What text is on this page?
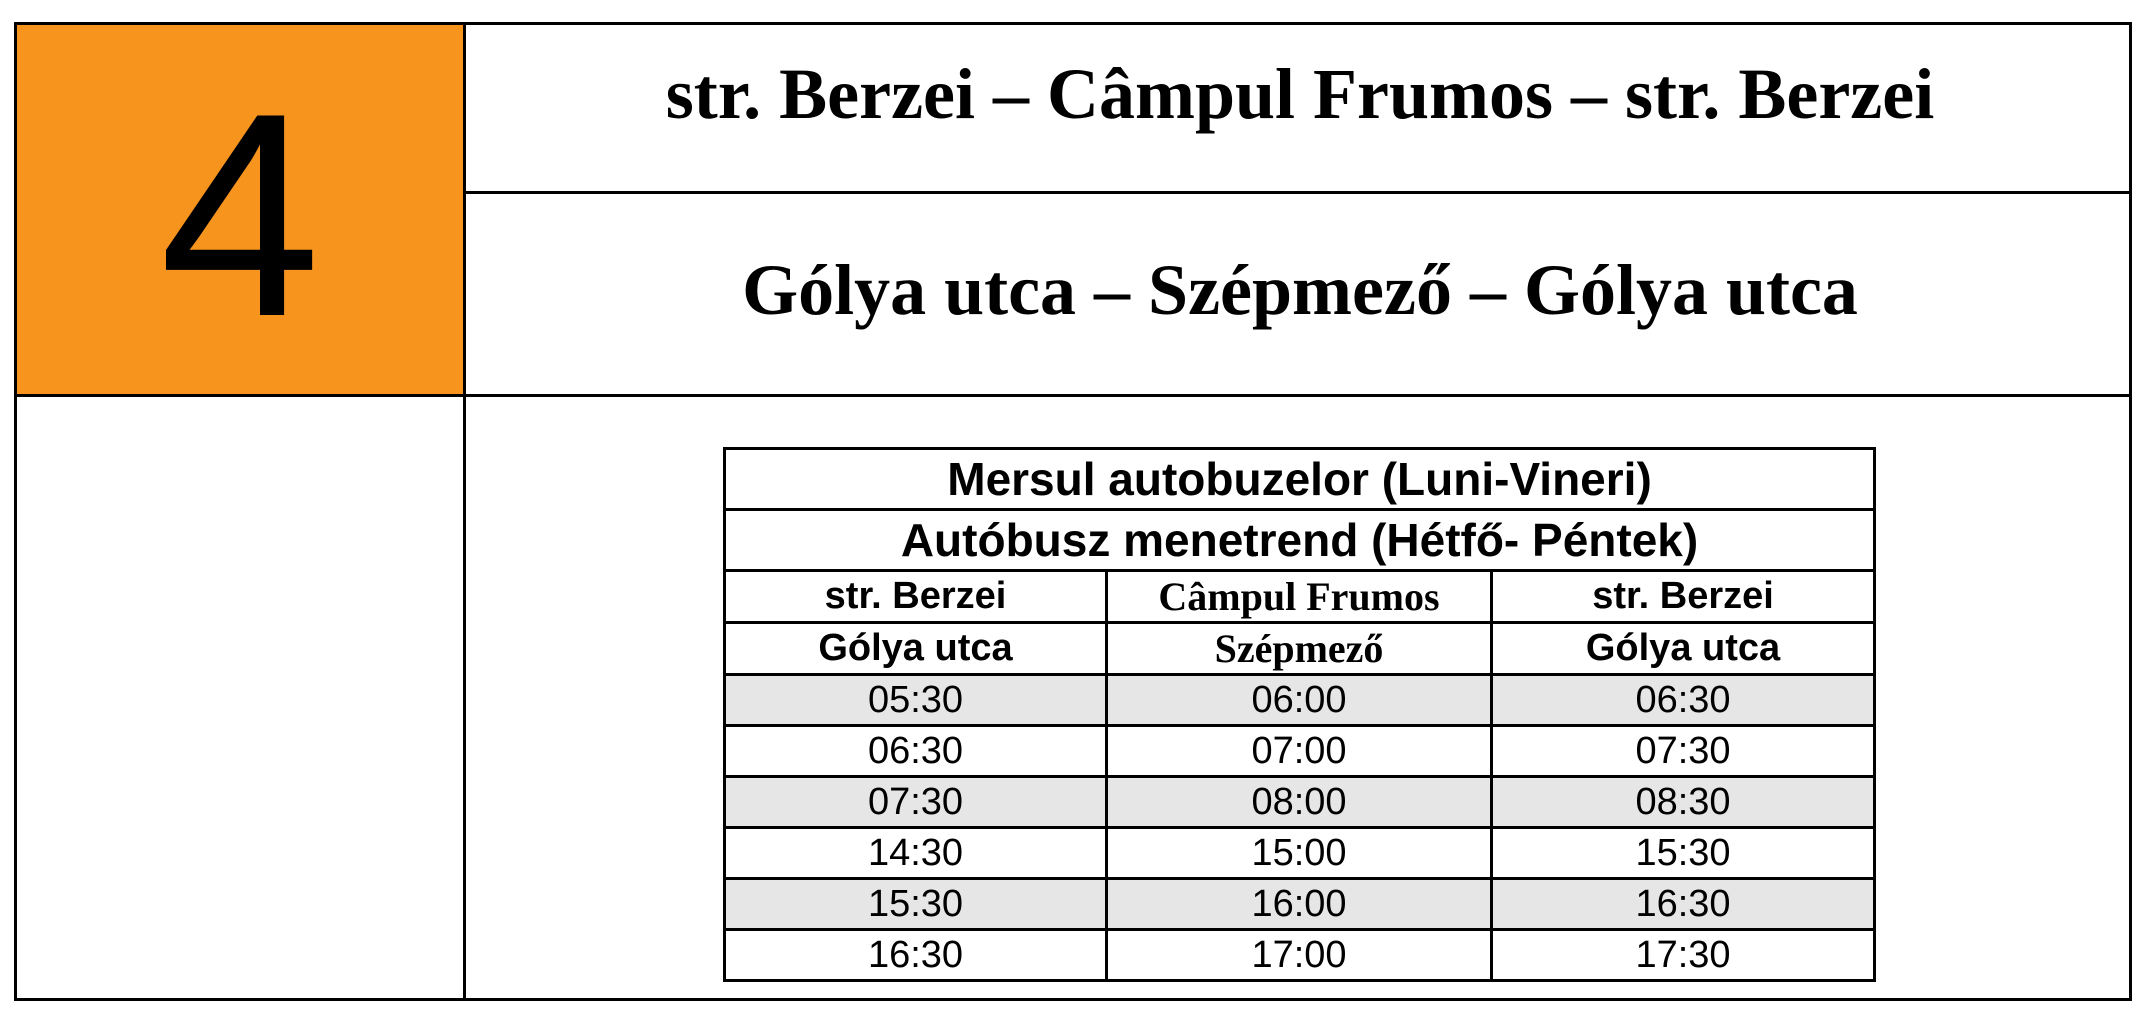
4	str. Berzei – Câmpul Frumos – str. Berzei
Gólya utca – Szépmező – Gólya utca
Mersul autobuzelor (Luni-Vineri)		
Autóbusz menetrend (Hétfő- Péntek)		
str. Berzei	Câmpul Frumos	str. Berzei
Gólya utca	Szépmező	Gólya utca
05:30	06:00	06:30
06:30	07:00	07:30
07:30	08:00	08:30
14:30	15:00	15:30
15:30	16:00	16:30
16:30	17:00	17:30
